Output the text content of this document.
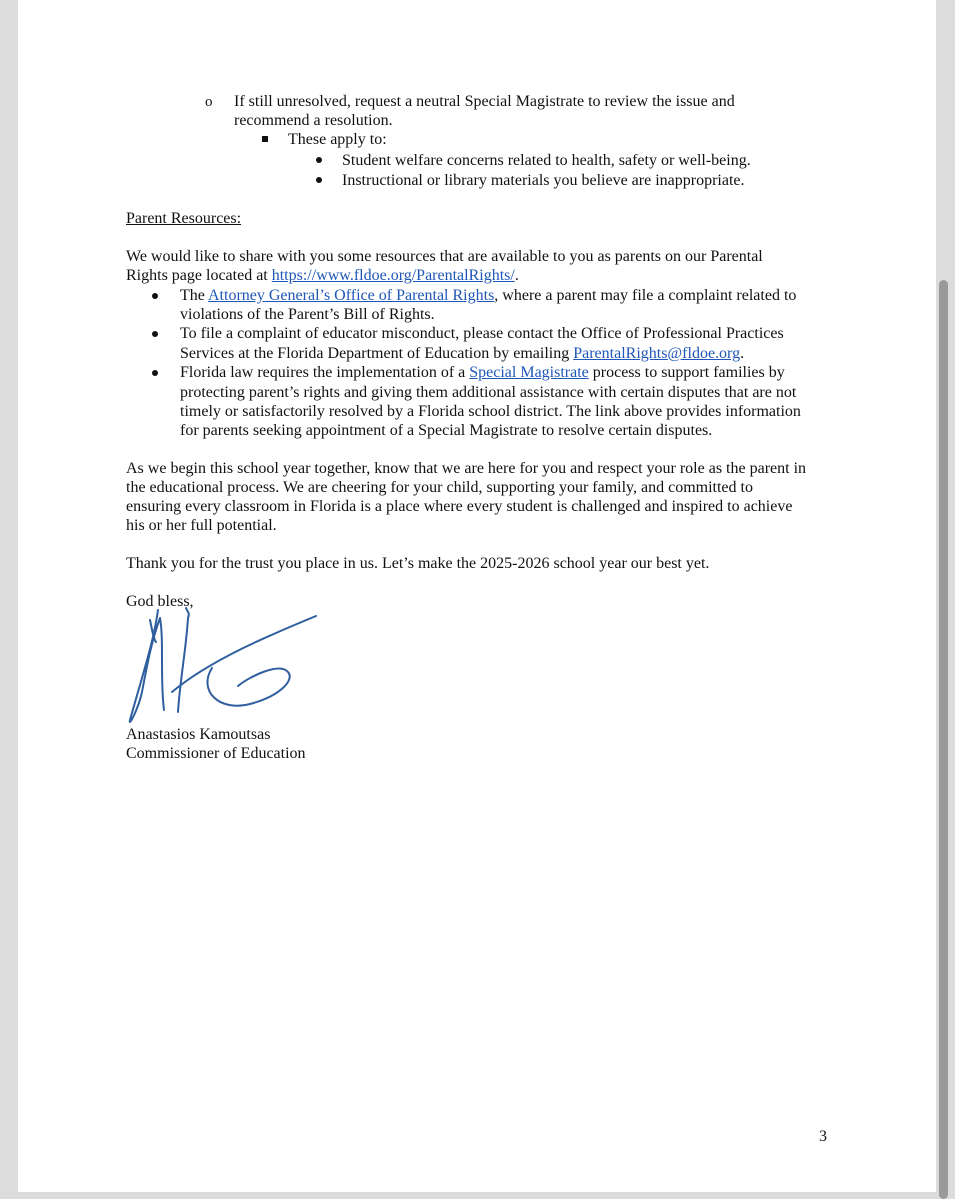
o If still unresolved, request a neutral Special Magistrate to review the issue and
recommend a resolution.
These apply to:
Student welfare concerns related to health, safety or well-being.
Instructional or library materials you believe are inappropriate.
Parent Resources:
We would like to share with you some resources that are available to you as parents on our Parental
Rights page located at https://www.fldoe.org/ParentalRights/.
The Attorney General’s Office of Parental Rights, where a parent may file a complaint related to
violations of the Parent’s Bill of Rights.
To file a complaint of educator misconduct, please contact the Office of Professional Practices
Services at the Florida Department of Education by emailing ParentalRights@fldoe.org.
Florida law requires the implementation of a Special Magistrate process to support families by
protecting parent’s rights and giving them additional assistance with certain disputes that are not
timely or satisfactorily resolved by a Florida school district. The link above provides information
for parents seeking appointment of a Special Magistrate to resolve certain disputes.
As we begin this school year together, know that we are here for you and respect your role as the parent in
the educational process. We are cheering for your child, supporting your family, and committed to
ensuring every classroom in Florida is a place where every student is challenged and inspired to achieve
his or her full potential.
Thank you for the trust you place in us. Let’s make the 2025-2026 school year our best yet.
God bless,
Anastasios Kamoutsas
Commissioner of Education
3
